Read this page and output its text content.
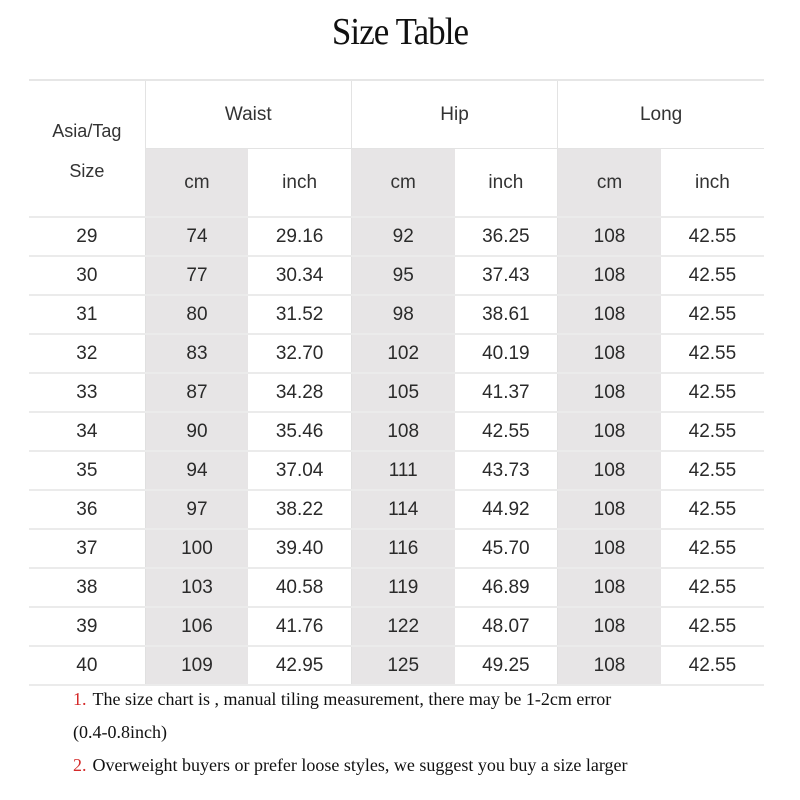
Size Table
Asia/Tag
Size	Waist		Hip		Long	
	cm	inch	cm	inch	cm	inch
29	74	29.16	92	36.25	108	42.55
30	77	30.34	95	37.43	108	42.55
31	80	31.52	98	38.61	108	42.55
32	83	32.70	102	40.19	108	42.55
33	87	34.28	105	41.37	108	42.55
34	90	35.46	108	42.55	108	42.55
35	94	37.04	111	43.73	108	42.55
36	97	38.22	114	44.92	108	42.55
37	100	39.40	116	45.70	108	42.55
38	103	40.58	119	46.89	108	42.55
39	106	41.76	122	48.07	108	42.55
40	109	42.95	125	49.25	108	42.55
1. The size chart is , manual tiling measurement, there may be 1-2cm error
(0.4-0.8inch)
2. Overweight buyers or prefer loose styles, we suggest you buy a size larger
